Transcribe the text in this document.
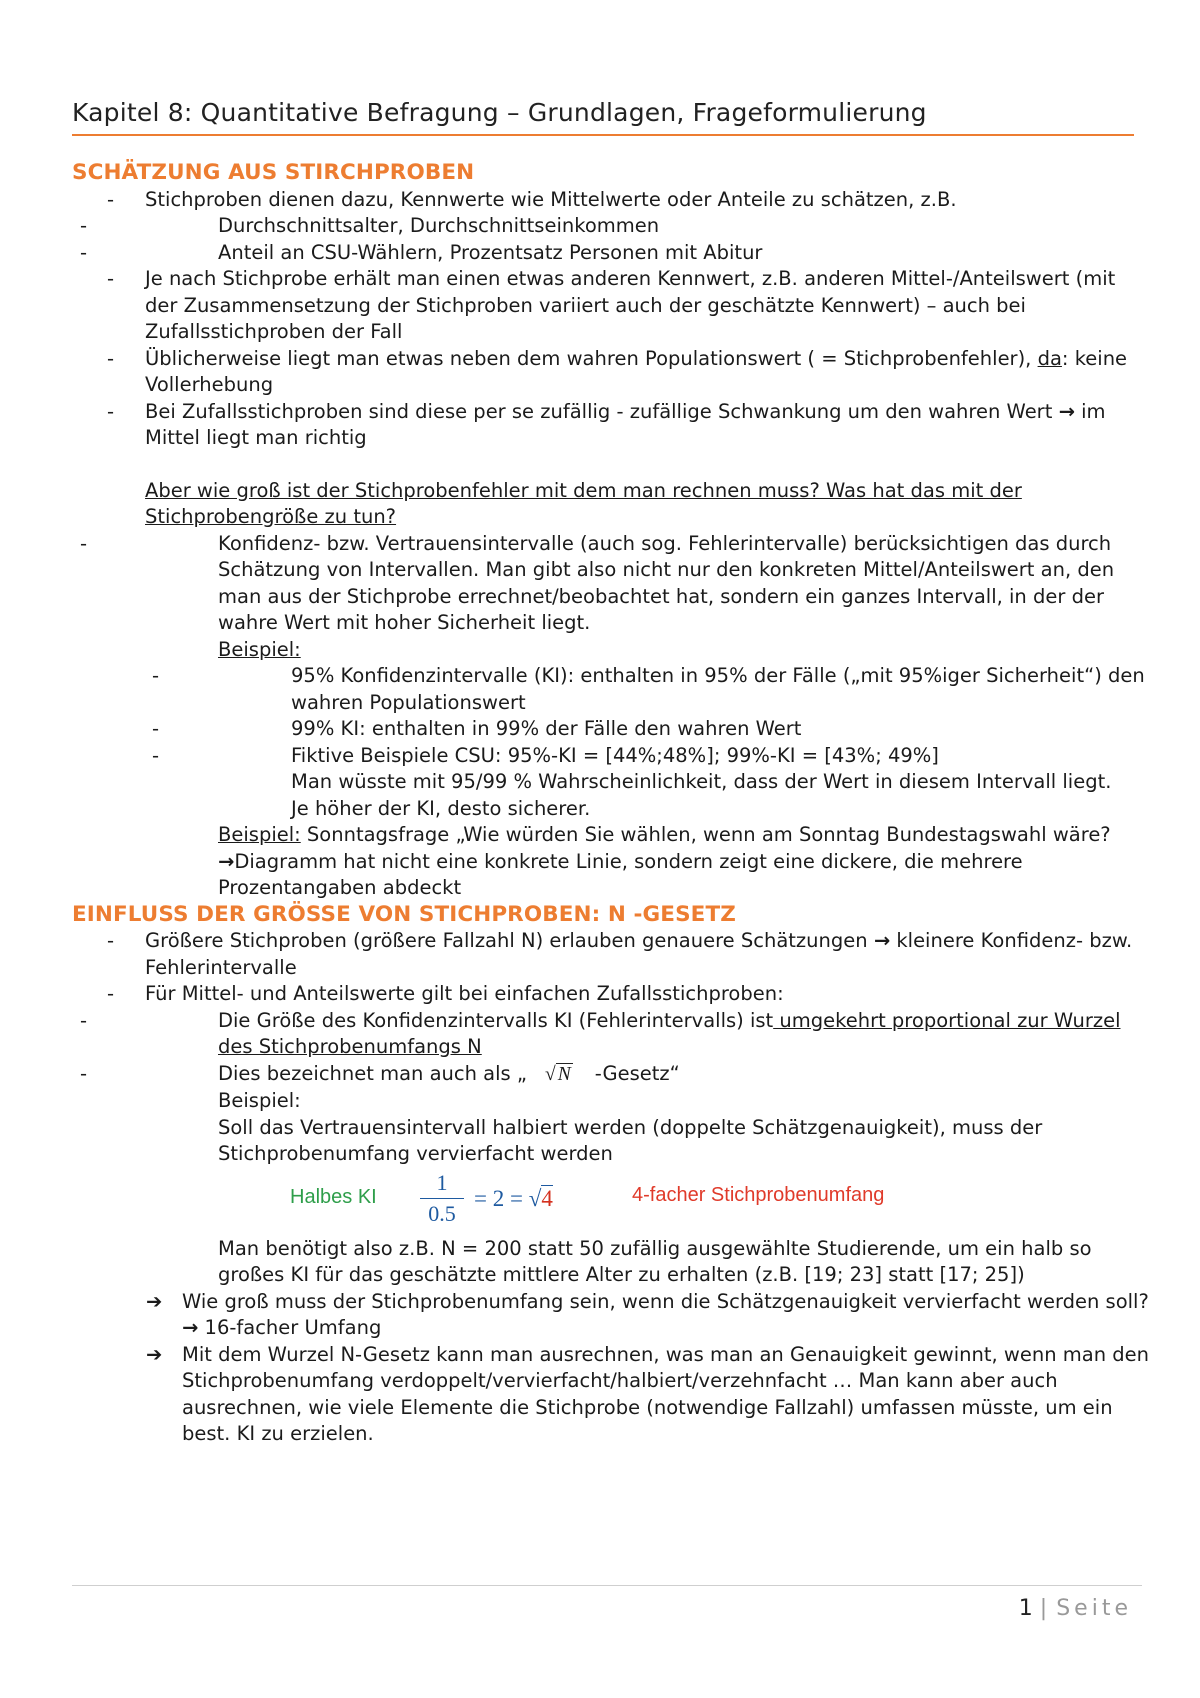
Kapitel 8: Quantitative Befragung – Grundlagen, Frageformulierung
SCHÄTZUNG AUS STIRCHPROBEN
- Stichproben dienen dazu, Kennwerte wie Mittelwerte oder Anteile zu schätzen, z.B.
- Durchschnittsalter, Durchschnittseinkommen
- Anteil an CSU-Wählern, Prozentsatz Personen mit Abitur
- Je nach Stichprobe erhält man einen etwas anderen Kennwert, z.B. anderen Mittel-/Anteilswert (mit der Zusammensetzung der Stichproben variiert auch der geschätzte Kennwert) – auch bei Zufallsstichproben der Fall
- Üblicherweise liegt man etwas neben dem wahren Populationswert ( = Stichprobenfehler), da: keine Vollerhebung
- Bei Zufallsstichproben sind diese per se zufällig - zufällige Schwankung um den wahren Wert → im Mittel liegt man richtig
Aber wie groß ist der Stichprobenfehler mit dem man rechnen muss? Was hat das mit der Stichprobengröße zu tun?
- Konfidenz- bzw. Vertrauensintervalle (auch sog. Fehlerintervalle) berücksichtigen das durch Schätzung von Intervallen. Man gibt also nicht nur den konkreten Mittel/Anteilswert an, den man aus der Stichprobe errechnet/beobachtet hat, sondern ein ganzes Intervall, in der der wahre Wert mit hoher Sicherheit liegt.
Beispiel:
- 95% Konfidenzintervalle (KI): enthalten in 95% der Fälle („mit 95%iger Sicherheit“) den wahren Populationswert
- 99% KI: enthalten in 99% der Fälle den wahren Wert
- Fiktive Beispiele CSU: 95%-KI = [44%;48%]; 99%-KI = [43%; 49%]
Man wüsste mit 95/99 % Wahrscheinlichkeit, dass der Wert in diesem Intervall liegt.
Je höher der KI, desto sicherer.
Beispiel: Sonntagsfrage „Wie würden Sie wählen, wenn am Sonntag Bundestagswahl wäre? →Diagramm hat nicht eine konkrete Linie, sondern zeigt eine dickere, die mehrere Prozentangaben abdeckt
EINFLUSS DER GRÖSSE VON STICHPROBEN: N -GESETZ
- Größere Stichproben (größere Fallzahl N) erlauben genauere Schätzungen → kleinere Konfidenz- bzw. Fehlerintervalle
- Für Mittel- und Anteilswerte gilt bei einfachen Zufallsstichproben:
- Die Größe des Konfidenzintervalls KI (Fehlerintervalls) ist umgekehrt proportional zur Wurzel des Stichprobenumfangs N
- Dies bezeichnet man auch als „ √ N -Gesetz“
Beispiel:
Soll das Vertrauensintervall halbiert werden (doppelte Schätzgenauigkeit), muss der Stichprobenumfang vervierfacht werden
Halbes KI
1
0.5
= 2 = √4	4-facher Stichprobenumfang
Man benötigt also z.B. N = 200 statt 50 zufällig ausgewählte Studierende, um ein halb so großes KI für das geschätzte mittlere Alter zu erhalten (z.B. [19; 23] statt [17; 25])
➔ Wie groß muss der Stichprobenumfang sein, wenn die Schätzgenauigkeit vervierfacht werden soll? → 16-facher Umfang
➔ Mit dem Wurzel N-Gesetz kann man ausrechnen, was man an Genauigkeit gewinnt, wenn man den Stichprobenumfang verdoppelt/vervierfacht/halbiert/verzehnfacht … Man kann aber auch ausrechnen, wie viele Elemente die Stichprobe (notwendige Fallzahl) umfassen müsste, um ein best. KI zu erzielen.
1 | Seite
